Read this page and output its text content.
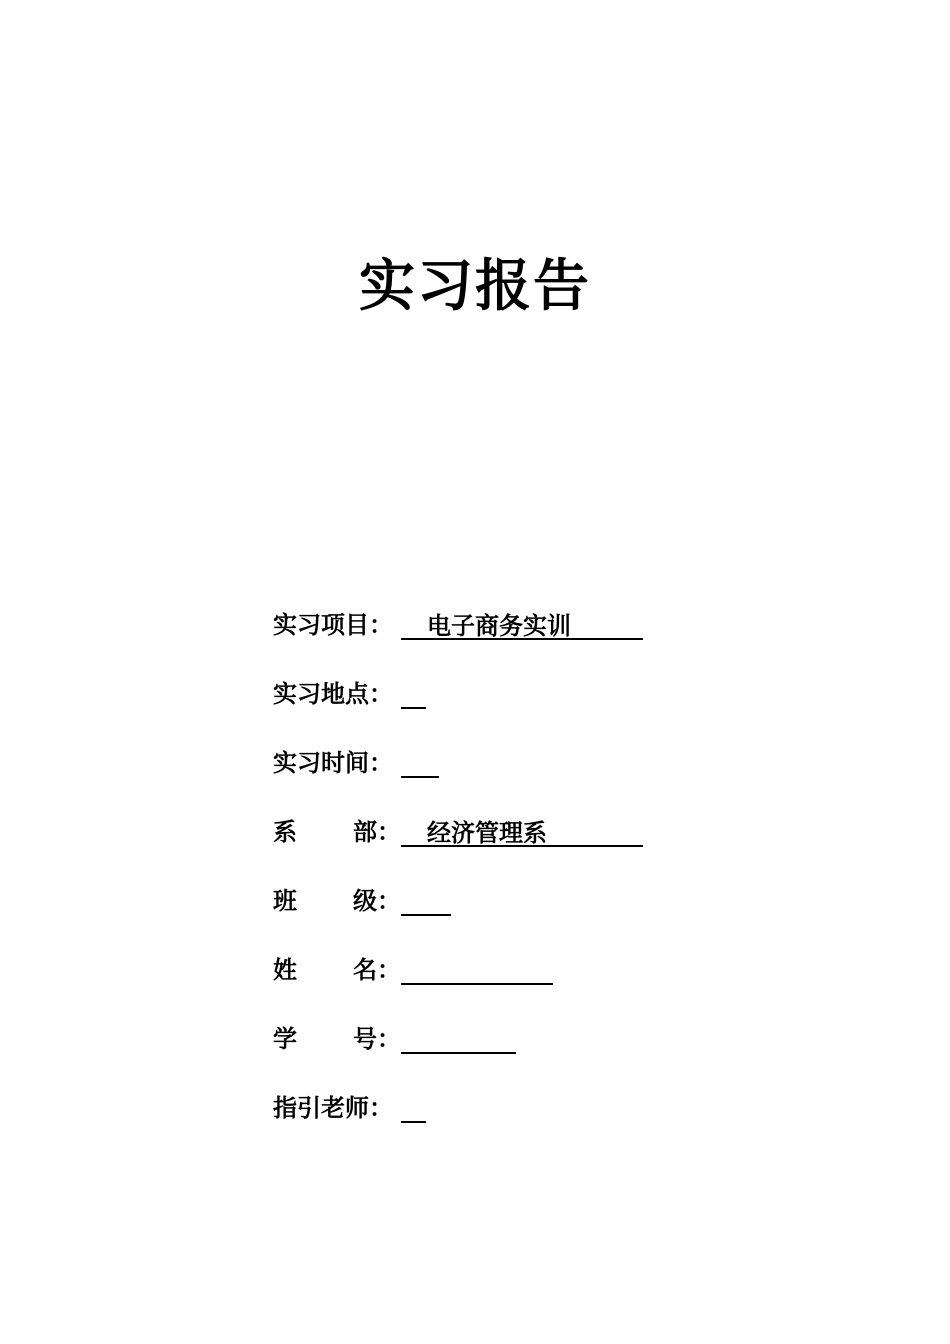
实习报告
实习项目：	电子商务实训
实习地点：
实习时间：
系 部：	经济管理系
班 级：
姓 名：
学 号：
指引老师：
